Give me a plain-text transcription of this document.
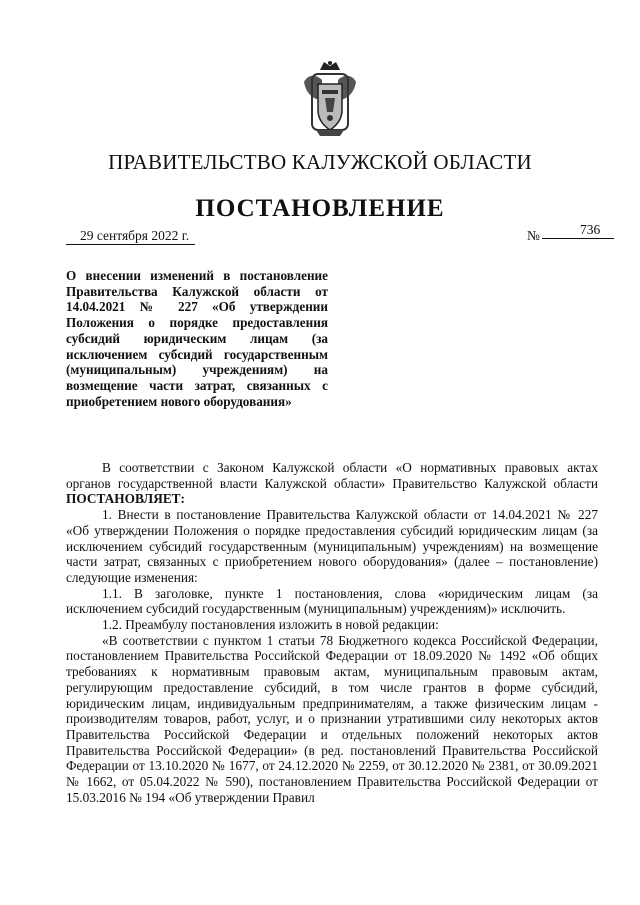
ПРАВИТЕЛЬСТВО КАЛУЖСКОЙ ОБЛАСТИ
ПОСТАНОВЛЕНИЕ
29 сентября 2022 г.	№	736
О внесении изменений в постановление Правительства Калужской области от 14.04.2021 № 227 «Об утверждении Положения о порядке предоставления субсидий юридическим лицам (за исключением субсидий государственным (муниципальным) учреждениям) на возмещение части затрат, связанных с приобретением нового оборудования»

В соответствии с Законом Калужской области «О нормативных правовых актах органов государственной власти Калужской области» Правительство Калужской области ПОСТАНОВЛЯЕТ:

1. Внести в постановление Правительства Калужской области от 14.04.2021 № 227 «Об утверждении Положения о порядке предоставления субсидий юридическим лицам (за исключением субсидий государственным (муниципальным) учреждениям) на возмещение части затрат, связанных с приобретением нового оборудования» (далее – постановление) следующие изменения:

1.1. В заголовке, пункте 1 постановления, слова «юридическим лицам (за исключением субсидий государственным (муниципальным) учреждениям)» исключить.

1.2. Преамбулу постановления изложить в новой редакции:

«В соответствии с пунктом 1 статьи 78 Бюджетного кодекса Российской Федерации, постановлением Правительства Российской Федерации от 18.09.2020 № 1492 «Об общих требованиях к нормативным правовым актам, муниципальным правовым актам, регулирующим предоставление субсидий, в том числе грантов в форме субсидий, юридическим лицам, индивидуальным предпринимателям, а также физическим лицам - производителям товаров, работ, услуг, и о признании утратившими силу некоторых актов Правительства Российской Федерации и отдельных положений некоторых актов Правительства Российской Федерации» (в ред. постановлений Правительства Российской Федерации от 13.10.2020 № 1677, от 24.12.2020 № 2259, от 30.12.2020 № 2381, от 30.09.2021 № 1662, от 05.04.2022 № 590), постановлением Правительства Российской Федерации от 15.03.2016 № 194 «Об утверждении Правил
